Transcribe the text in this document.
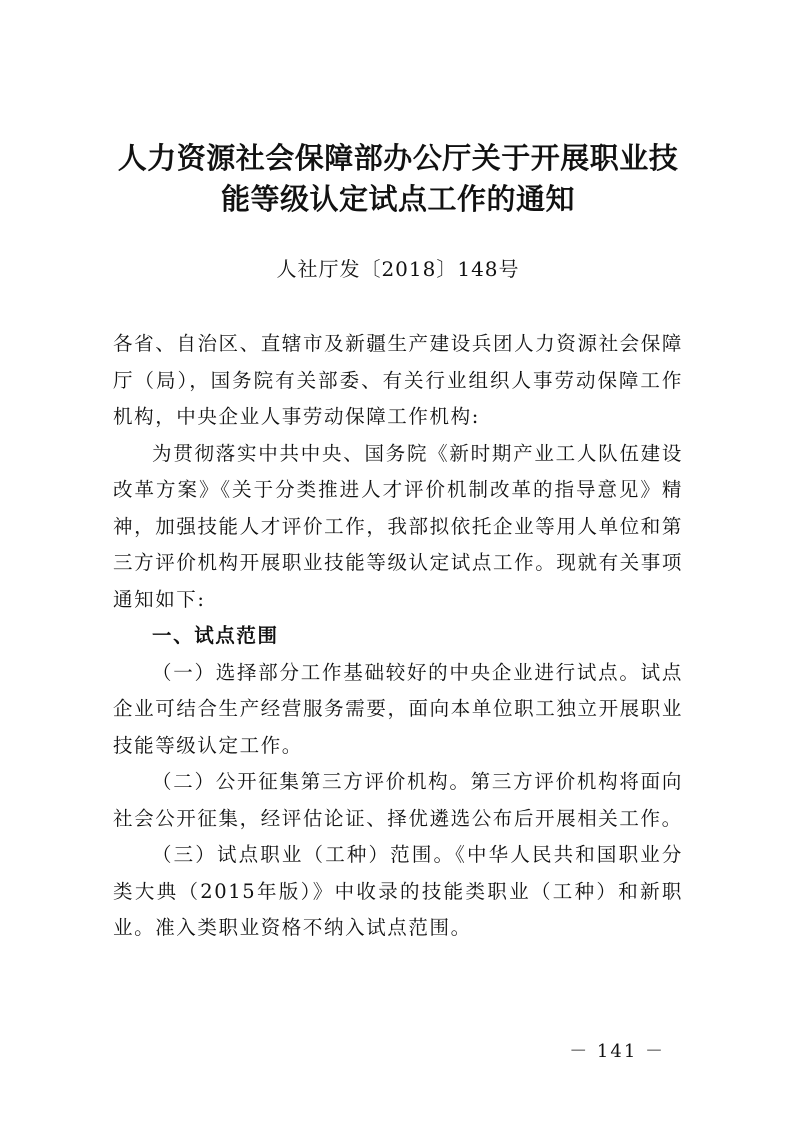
人力资源社会保障部办公厅关于开展职业技能等级认定试点工作的通知
人社厅发〔2018〕148号

各省、自治区、直辖市及新疆生产建设兵团人力资源社会保障厅（局），国务院有关部委、有关行业组织人事劳动保障工作机构，中央企业人事劳动保障工作机构:

为贯彻落实中共中央、国务院《新时期产业工人队伍建设改革方案》《关于分类推进人才评价机制改革的指导意见》精神，加强技能人才评价工作，我部拟依托企业等用人单位和第三方评价机构开展职业技能等级认定试点工作。现就有关事项通知如下:

一、试点范围

（一）选择部分工作基础较好的中央企业进行试点。试点企业可结合生产经营服务需要，面向本单位职工独立开展职业技能等级认定工作。

（二）公开征集第三方评价机构。第三方评价机构将面向社会公开征集，经评估论证、择优遴选公布后开展相关工作。

（三）试点职业（工种）范围。《中华人民共和国职业分类大典（2015年版）》中收录的技能类职业（工种）和新职业。准入类职业资格不纳入试点范围。

－ 141 －
